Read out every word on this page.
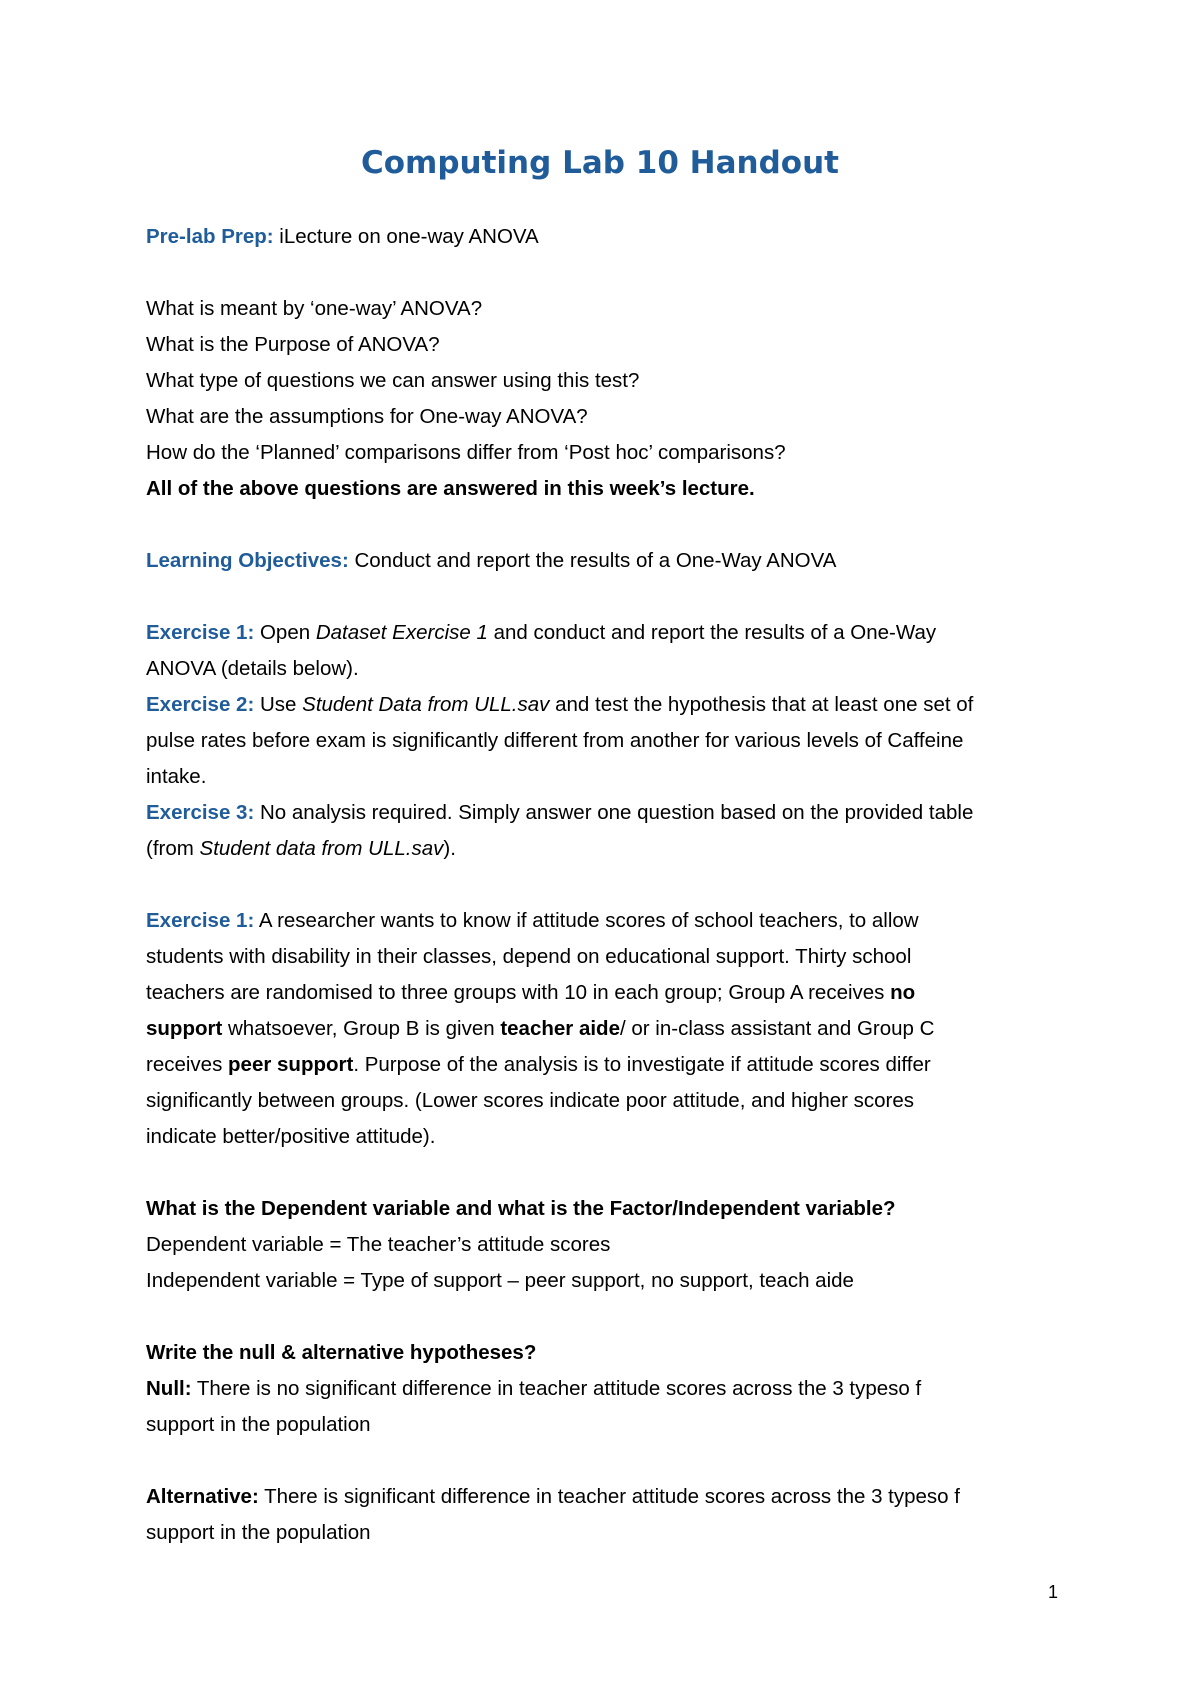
Computing Lab 10 Handout
Pre-lab Prep: iLecture on one-way ANOVA
What is meant by ‘one-way’ ANOVA?
What is the Purpose of ANOVA?
What type of questions we can answer using this test?
What are the assumptions for One-way ANOVA?
How do the ‘Planned’ comparisons differ from ‘Post hoc’ comparisons?
All of the above questions are answered in this week’s lecture.
Learning Objectives: Conduct and report the results of a One-Way ANOVA
Exercise 1: Open Dataset Exercise 1 and conduct and report the results of a One-Way
ANOVA (details below).
Exercise 2: Use Student Data from ULL.sav and test the hypothesis that at least one set of
pulse rates before exam is significantly different from another for various levels of Caffeine
intake.
Exercise 3: No analysis required. Simply answer one question based on the provided table
(from Student data from ULL.sav).
Exercise 1: A researcher wants to know if attitude scores of school teachers, to allow
students with disability in their classes, depend on educational support. Thirty school
teachers are randomised to three groups with 10 in each group; Group A receives no
support whatsoever, Group B is given teacher aide/ or in-class assistant and Group C
receives peer support. Purpose of the analysis is to investigate if attitude scores differ
significantly between groups. (Lower scores indicate poor attitude, and higher scores
indicate better/positive attitude).
What is the Dependent variable and what is the Factor/Independent variable?
Dependent variable = The teacher’s attitude scores
Independent variable = Type of support – peer support, no support, teach aide
Write the null & alternative hypotheses?
Null: There is no significant difference in teacher attitude scores across the 3 typeso f
support in the population
Alternative: There is significant difference in teacher attitude scores across the 3 typeso f
support in the population
1
